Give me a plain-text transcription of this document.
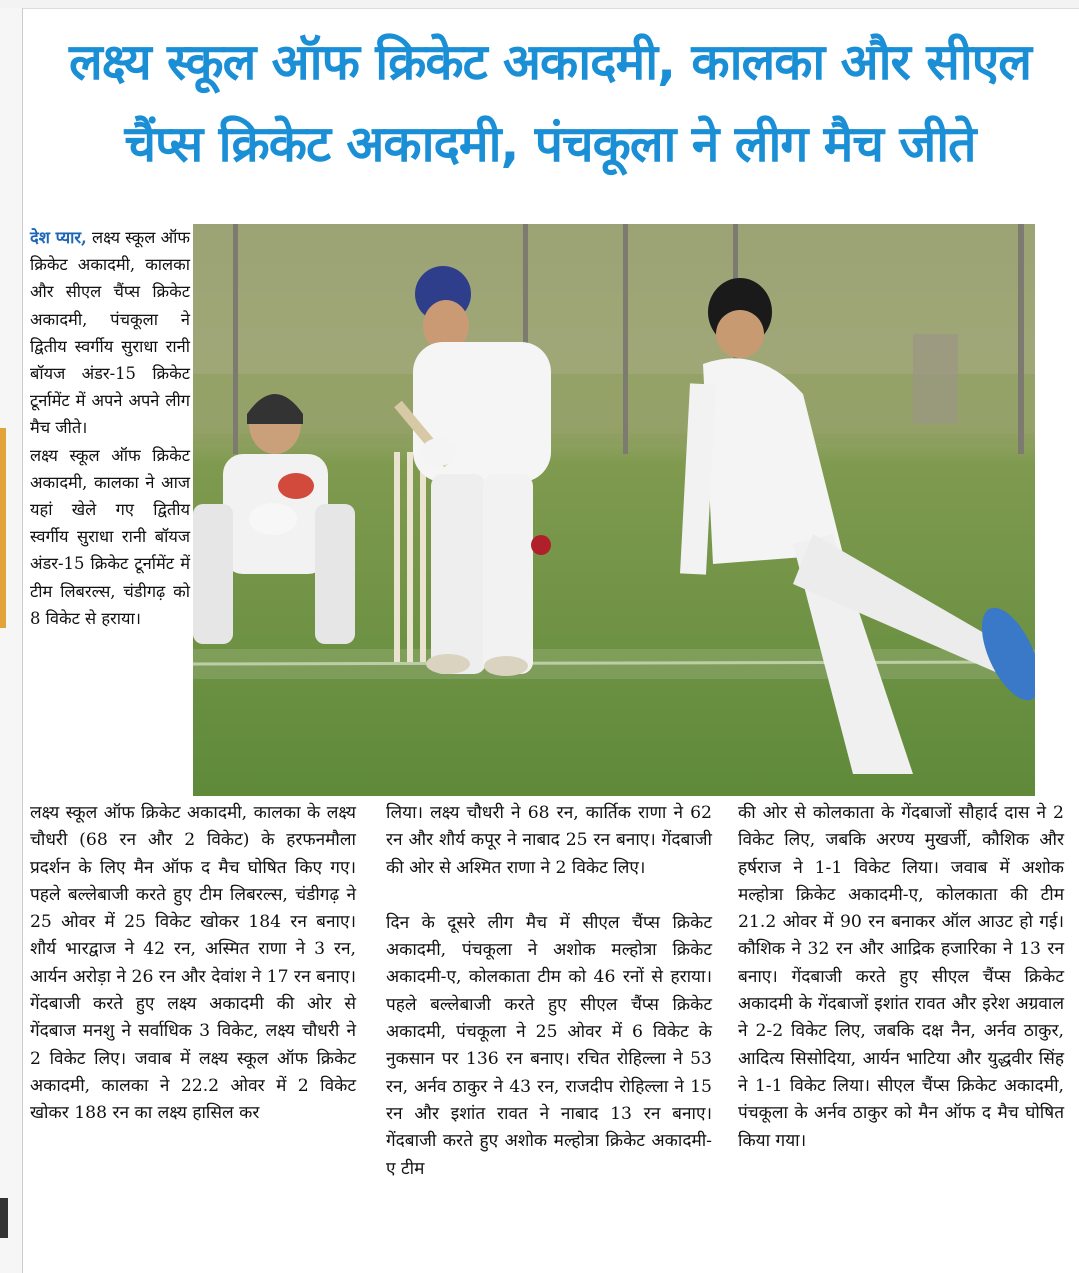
लक्ष्य स्कूल ऑफ क्रिकेट अकादमी, कालका और सीएल
चैंप्स क्रिकेट अकादमी, पंचकूला ने लीग मैच जीते

देश प्यार, लक्ष्य स्कूल ऑफ क्रिकेट अकादमी, कालका और सीएल चैंप्स क्रिकेट अकादमी, पंचकूला ने द्वितीय स्वर्गीय सुराधा रानी बॉयज अंडर-15 क्रिकेट टूर्नामेंट में अपने अपने लीग मैच जीते।

लक्ष्य स्कूल ऑफ क्रिकेट अकादमी, कालका ने आज यहां खेले गए द्वितीय स्वर्गीय सुराधा रानी बॉयज अंडर-15 क्रिकेट टूर्नामेंट में टीम लिबरल्स, चंडीगढ़ को 8 विकेट से हराया।

लक्ष्य स्कूल ऑफ क्रिकेट अकादमी, कालका के लक्ष्य चौधरी (68 रन और 2 विकेट) के हरफनमौला प्रदर्शन के लिए मैन ऑफ द मैच घोषित किए गए। पहले बल्लेबाजी करते हुए टीम लिबरल्स, चंडीगढ़ ने 25 ओवर में 25 विकेट खोकर 184 रन बनाए। शौर्य भारद्वाज ने 42 रन, अस्मित राणा ने 3 रन, आर्यन अरोड़ा ने 26 रन और देवांश ने 17 रन बनाए। गेंदबाजी करते हुए लक्ष्य अकादमी की ओर से गेंदबाज मनशु ने सर्वाधिक 3 विकेट, लक्ष्य चौधरी ने 2 विकेट लिए। जवाब में लक्ष्य स्कूल ऑफ क्रिकेट अकादमी, कालका ने 22.2 ओवर में 2 विकेट खोकर 188 रन का लक्ष्य हासिल कर

लिया। लक्ष्य चौधरी ने 68 रन, कार्तिक राणा ने 62 रन और शौर्य कपूर ने नाबाद 25 रन बनाए। गेंदबाजी की ओर से अश्मित राणा ने 2 विकेट लिए।

दिन के दूसरे लीग मैच में सीएल चैंप्स क्रिकेट अकादमी, पंचकूला ने अशोक मल्होत्रा क्रिकेट अकादमी-ए, कोलकाता टीम को 46 रनों से हराया। पहले बल्लेबाजी करते हुए सीएल चैंप्स क्रिकेट अकादमी, पंचकूला ने 25 ओवर में 6 विकेट के नुकसान पर 136 रन बनाए। रचित रोहिल्ला ने 53 रन, अर्नव ठाकुर ने 43 रन, राजदीप रोहिल्ला ने 15 रन और इशांत रावत ने नाबाद 13 रन बनाए। गेंदबाजी करते हुए अशोक मल्होत्रा क्रिकेट अकादमी-ए टीम

की ओर से कोलकाता के गेंदबाजों सौहार्द दास ने 2 विकेट लिए, जबकि अरण्य मुखर्जी, कौशिक और हर्षराज ने 1-1 विकेट लिया। जवाब में अशोक मल्होत्रा क्रिकेट अकादमी-ए, कोलकाता की टीम 21.2 ओवर में 90 रन बनाकर ऑल आउट हो गई। कौशिक ने 32 रन और आद्रिक हजारिका ने 13 रन बनाए। गेंदबाजी करते हुए सीएल चैंप्स क्रिकेट अकादमी के गेंदबाजों इशांत रावत और इरेश अग्रवाल ने 2-2 विकेट लिए, जबकि दक्ष नैन, अर्नव ठाकुर, आदित्य सिसोदिया, आर्यन भाटिया और युद्धवीर सिंह ने 1-1 विकेट लिया। सीएल चैंप्स क्रिकेट अकादमी, पंचकूला के अर्नव ठाकुर को मैन ऑफ द मैच घोषित किया गया।
